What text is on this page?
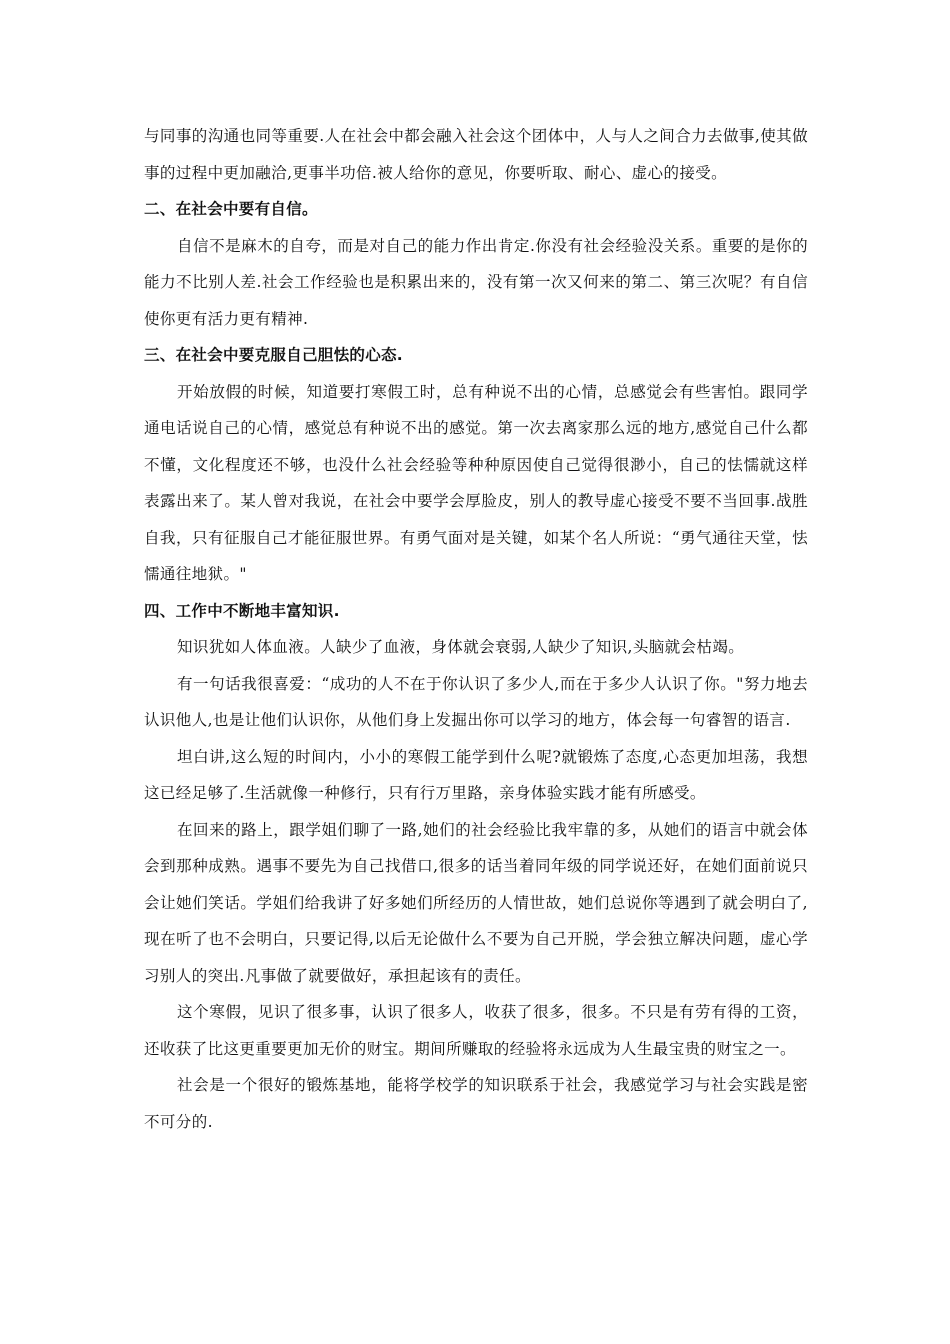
与同事的沟通也同等重要.人在社会中都会融入社会这个团体中，人与人之间合力去做事,使其做事的过程中更加融洽,更事半功倍.被人给你的意见，你要听取、耐心、虚心的接受。

二、在社会中要有自信。

自信不是麻木的自夸，而是对自己的能力作出肯定.你没有社会经验没关系。重要的是你的能力不比别人差.社会工作经验也是积累出来的，没有第一次又何来的第二、第三次呢？有自信使你更有活力更有精神.

三、在社会中要克服自己胆怯的心态.

开始放假的时候，知道要打寒假工时，总有种说不出的心情，总感觉会有些害怕。跟同学通电话说自己的心情，感觉总有种说不出的感觉。第一次去离家那么远的地方,感觉自己什么都不懂，文化程度还不够，也没什么社会经验等种种原因使自己觉得很渺小，自己的怯懦就这样表露出来了。某人曾对我说，在社会中要学会厚脸皮，别人的教导虚心接受不要不当回事.战胜自我，只有征服自己才能征服世界。有勇气面对是关键，如某个名人所说：“勇气通往天堂，怯懦通往地狱。"

四、工作中不断地丰富知识.

知识犹如人体血液。人缺少了血液，身体就会衰弱,人缺少了知识,头脑就会枯竭。

有一句话我很喜爱：“成功的人不在于你认识了多少人,而在于多少人认识了你。"努力地去认识他人,也是让他们认识你，从他们身上发掘出你可以学习的地方，体会每一句睿智的语言.

坦白讲,这么短的时间内，小小的寒假工能学到什么呢?就锻炼了态度,心态更加坦荡，我想这已经足够了.生活就像一种修行，只有行万里路，亲身体验实践才能有所感受。

在回来的路上，跟学姐们聊了一路,她们的社会经验比我牢靠的多，从她们的语言中就会体会到那种成熟。遇事不要先为自己找借口,很多的话当着同年级的同学说还好，在她们面前说只会让她们笑话。学姐们给我讲了好多她们所经历的人情世故，她们总说你等遇到了就会明白了,现在听了也不会明白，只要记得,以后无论做什么不要为自己开脱，学会独立解决问题，虚心学习别人的突出.凡事做了就要做好，承担起该有的责任。

这个寒假，见识了很多事，认识了很多人，收获了很多，很多。不只是有劳有得的工资，还收获了比这更重要更加无价的财宝。期间所赚取的经验将永远成为人生最宝贵的财宝之一。

社会是一个很好的锻炼基地，能将学校学的知识联系于社会，我感觉学习与社会实践是密不可分的.
